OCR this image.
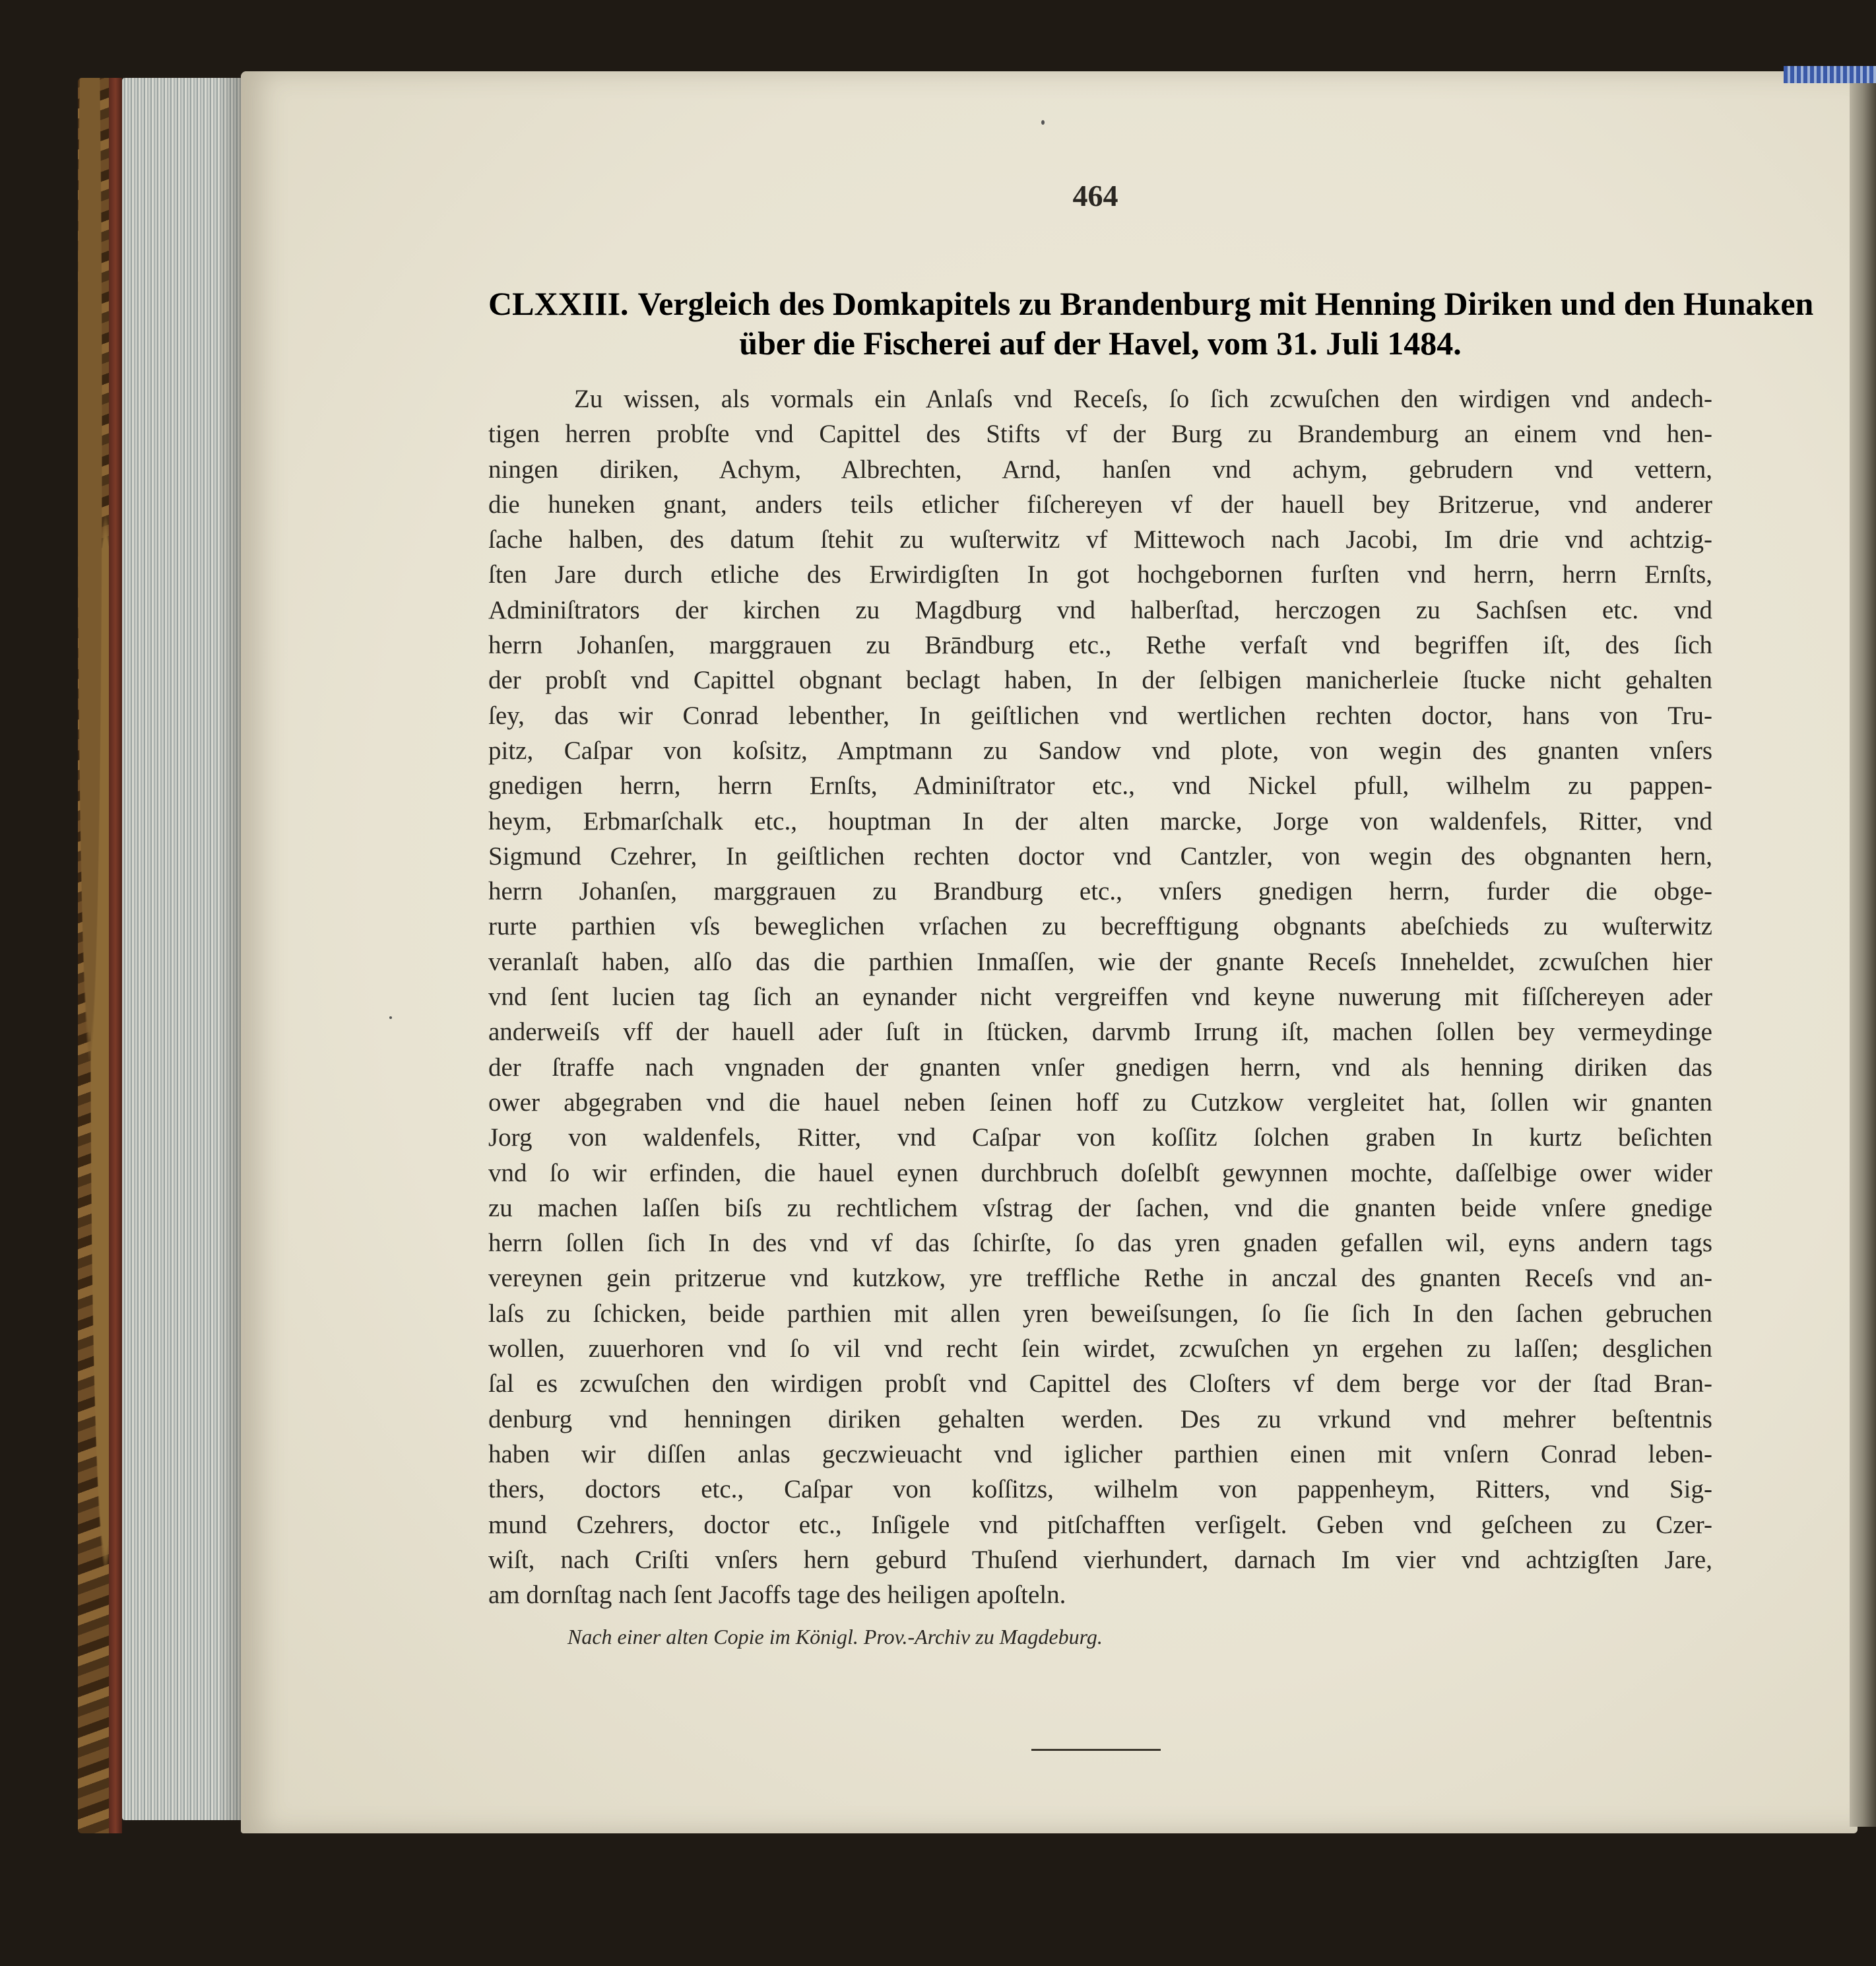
464
CLXXIII. Vergleich des Domkapitels zu Brandenburg mit Henning Diriken und den Hunaken
über die Fischerei auf der Havel, vom 31. Juli 1484.
Zu wissen, als vormals ein Anlaſs vnd Receſs, ſo ſich zcwuſchen den wirdigen vnd andech-
tigen herren probſte vnd Capittel des Stifts vf der Burg zu Brandemburg an einem vnd hen-
ningen diriken, Achym, Albrechten, Arnd, hanſen vnd achym, gebrudern vnd vettern,
die huneken gnant, anders teils etlicher fiſchereyen vf der hauell bey Britzerue, vnd anderer
ſache halben, des datum ſtehit zu wuſterwitz vf Mittewoch nach Jacobi, Im drie vnd achtzig-
ſten Jare durch etliche des Erwirdigſten In got hochgebornen furſten vnd herrn, herrn Ernſts,
Adminiſtrators der kirchen zu Magdburg vnd halberſtad, herczogen zu Sachſsen etc. vnd
herrn Johanſen, marggrauen zu Brāndburg etc., Rethe verfaſt vnd begriffen iſt, des ſich
der probſt vnd Capittel obgnant beclagt haben, In der ſelbigen manicherleie ſtucke nicht gehalten
ſey, das wir Conrad lebenther, In geiſtlichen vnd wertlichen rechten doctor, hans von Tru-
pitz, Caſpar von koſsitz, Amptmann zu Sandow vnd plote, von wegin des gnanten vnſers
gnedigen herrn, herrn Ernſts, Adminiſtrator etc., vnd Nickel pfull, wilhelm zu pappen-
heym, Erbmarſchalk etc., houptman In der alten marcke, Jorge von waldenfels, Ritter, vnd
Sigmund Czehrer, In geiſtlichen rechten doctor vnd Cantzler, von wegin des obgnanten hern,
herrn Johanſen, marggrauen zu Brandburg etc., vnſers gnedigen herrn, furder die obge-
rurte parthien vſs beweglichen vrſachen zu becrefftigung obgnants abeſchieds zu wuſterwitz
veranlaſt haben, alſo das die parthien Inmaſſen, wie der gnante Receſs Inneheldet, zcwuſchen hier
vnd ſent lucien tag ſich an eynander nicht vergreiffen vnd keyne nuwerung mit fiſſchereyen ader
anderweiſs vff der hauell ader ſuſt in ſtücken, darvmb Irrung iſt, machen ſollen bey vermeydinge
der ſtraffe nach vngnaden der gnanten vnſer gnedigen herrn, vnd als henning diriken das
ower abgegraben vnd die hauel neben ſeinen hoff zu Cutzkow vergleitet hat, ſollen wir gnanten
Jorg von waldenfels, Ritter, vnd Caſpar von koſſitz ſolchen graben In kurtz beſichten
vnd ſo wir erfinden, die hauel eynen durchbruch doſelbſt gewynnen mochte, daſſelbige ower wider
zu machen laſſen biſs zu rechtlichem vſstrag der ſachen, vnd die gnanten beide vnſere gnedige
herrn ſollen ſich In des vnd vf das ſchirſte, ſo das yren gnaden gefallen wil, eyns andern tags
vereynen gein pritzerue vnd kutzkow, yre treffliche Rethe in anczal des gnanten Receſs vnd an-
laſs zu ſchicken, beide parthien mit allen yren beweiſsungen, ſo ſie ſich In den ſachen gebruchen
wollen, zuuerhoren vnd ſo vil vnd recht ſein wirdet, zcwuſchen yn ergehen zu laſſen; desglichen
ſal es zcwuſchen den wirdigen probſt vnd Capittel des Cloſters vf dem berge vor der ſtad Bran-
denburg vnd henningen diriken gehalten werden. Des zu vrkund vnd mehrer beſtentnis
haben wir diſſen anlas geczwieuacht vnd iglicher parthien einen mit vnſern Conrad leben-
thers, doctors etc., Caſpar von koſſitzs, wilhelm von pappenheym, Ritters, vnd Sig-
mund Czehrers, doctor etc., Inſigele vnd pitſchafften verſigelt. Geben vnd geſcheen zu Czer-
wiſt, nach Criſti vnſers hern geburd Thuſend vierhundert, darnach Im vier vnd achtzigſten Jare,
am dornſtag nach ſent Jacoffs tage des heiligen apoſteln.
Nach einer alten Copie im Königl. Prov.-Archiv zu Magdeburg.
